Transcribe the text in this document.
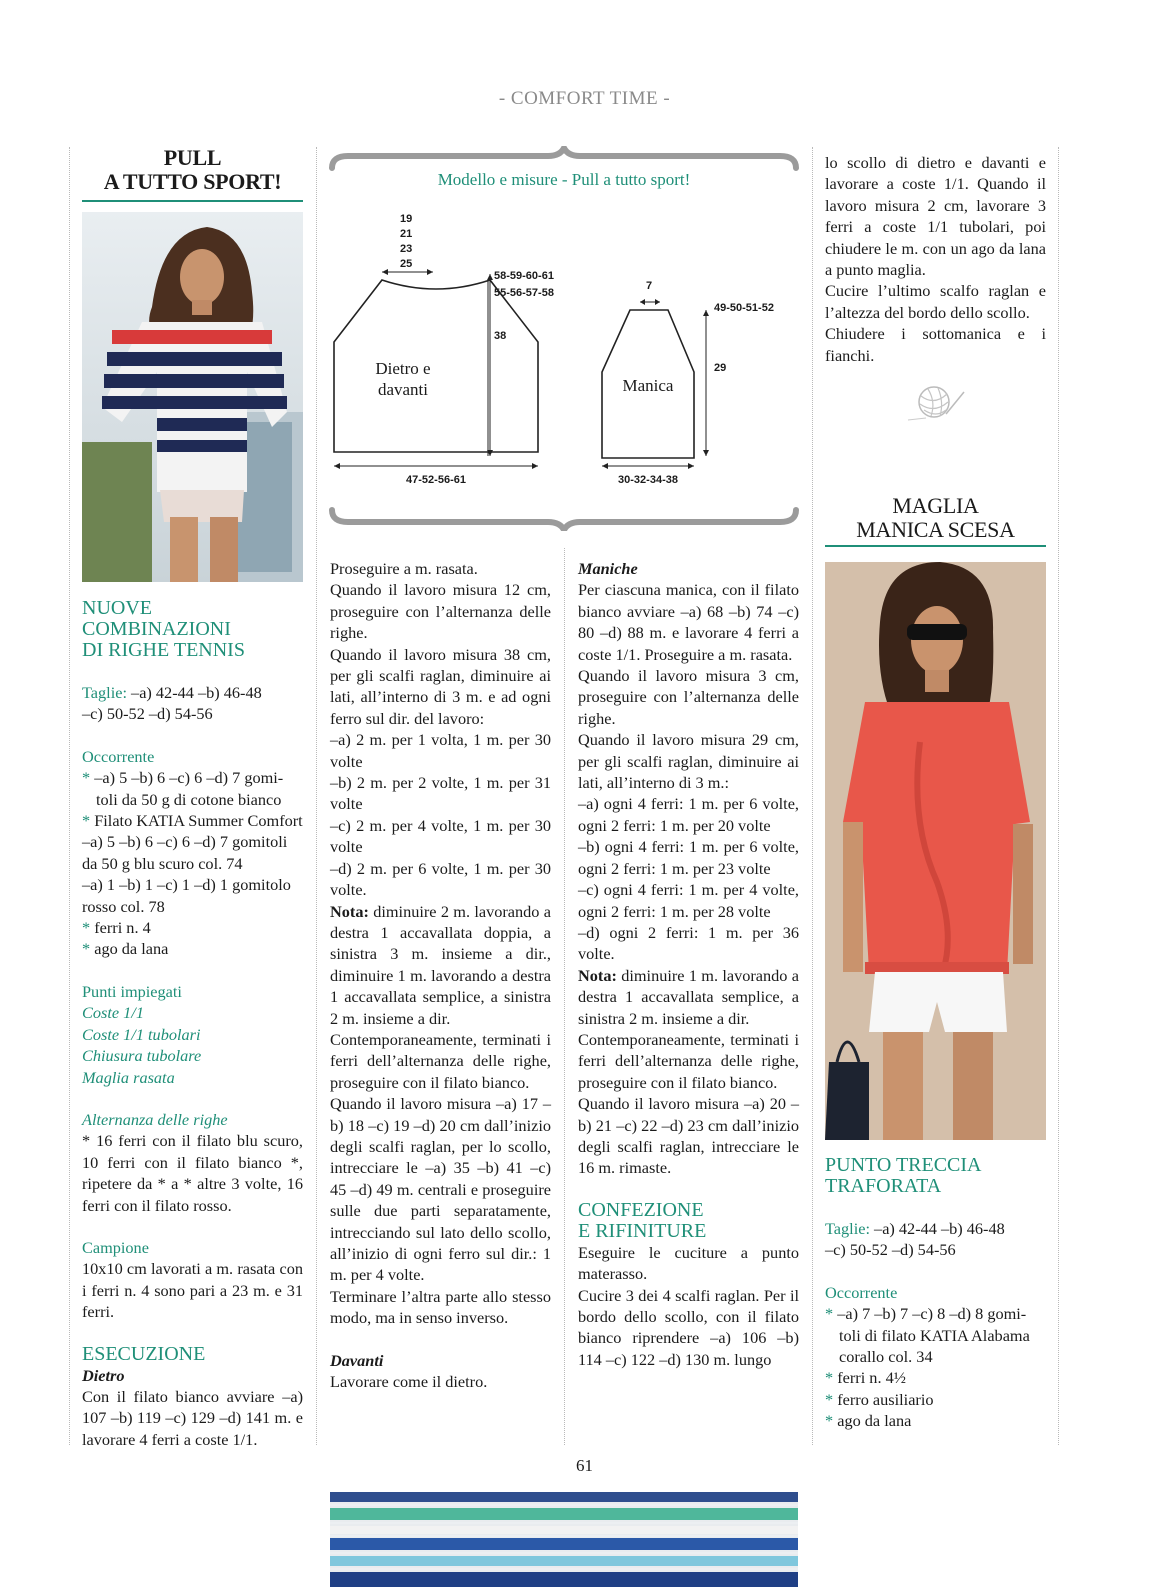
- COMFORT TIME -
PULL
A TUTTO SPORT!

NUOVE COMBINAZIONI
DI RIGHE TENNIS

Taglie: –a) 42-44 –b) 46-48

–c) 50-52 –d) 54-56

Occorrente

* –a) 5 –b) 6 –c) 6 –d) 7 gomi-

toli da 50 g di cotone bianco

* Filato KATIA Summer Comfort

–a) 5 –b) 6 –c) 6 –d) 7 gomitoli

da 50 g blu scuro col. 74

–a) 1 –b) 1 –c) 1 –d) 1 gomitolo

rosso col. 78

* ferri n. 4

* ago da lana

Punti impiegati

Coste 1/1

Coste 1/1 tubolari

Chiusura tubolare

Maglia rasata

Alternanza delle righe

* 16 ferri con il filato blu scuro, 10 ferri con il filato bianco *, ripetere da * a * altre 3 volte, 16 ferri con il filato rosso.

Campione

10x10 cm lavorati a m. rasata con i ferri n. 4 sono pari a 23 m. e 31 ferri.

ESECUZIONE

Dietro

Con il filato bianco avviare –a) 107 –b) 119 –c) 129 –d) 141 m. e lavorare 4 ferri a coste 1/1.

Modello e misure - Pull a tutto sport!
19
21
23
25
58-59-60-61
55-56-57-58
38
Dietro e
davanti
47-52-56-61
7
49-50-51-52
29
Manica
30-32-34-38

Proseguire a m. rasata.

Quando il lavoro misura 12 cm, proseguire con l’alternanza delle righe.

Quando il lavoro misura 38 cm, per gli scalfi raglan, diminuire ai lati, all’interno di 3 m. e ad ogni ferro sul dir. del lavoro:

–a) 2 m. per 1 volta, 1 m. per 30 volte

–b) 2 m. per 2 volte, 1 m. per 31 volte

–c) 2 m. per 4 volte, 1 m. per 30 volte

–d) 2 m. per 6 volte, 1 m. per 30 volte.

Nota: diminuire 2 m. lavorando a destra 1 accavallata doppia, a sinistra 3 m. insieme a dir., diminuire 1 m. lavorando a destra 1 accavallata semplice, a sinistra 2 m. insieme a dir.

Contemporaneamente, terminati i ferri dell’alternanza delle righe, proseguire con il filato bianco.

Quando il lavoro misura –a) 17 –b) 18 –c) 19 –d) 20 cm dall’inizio degli scalfi raglan, per lo scollo, intrecciare le –a) 35 –b) 41 –c) 45 –d) 49 m. centrali e proseguire sulle due parti separatamente, intrecciando sul lato dello scollo, all’inizio di ogni ferro sul dir.: 1 m. per 4 volte.

Terminare l’altra parte allo stesso modo, ma in senso inverso.

Davanti

Lavorare come il dietro.

Maniche

Per ciascuna manica, con il filato bianco avviare –a) 68 –b) 74 –c) 80 –d) 88 m. e lavorare 4 ferri a coste 1/1. Proseguire a m. rasata.

Quando il lavoro misura 3 cm, proseguire con l’alternanza delle righe.

Quando il lavoro misura 29 cm, per gli scalfi raglan, diminuire ai lati, all’interno di 3 m.:

–a) ogni 4 ferri: 1 m. per 6 volte, ogni 2 ferri: 1 m. per 20 volte

–b) ogni 4 ferri: 1 m. per 6 volte, ogni 2 ferri: 1 m. per 23 volte

–c) ogni 4 ferri: 1 m. per 4 volte, ogni 2 ferri: 1 m. per 28 volte

–d) ogni 2 ferri: 1 m. per 36 volte.

Nota: diminuire 1 m. lavorando a destra 1 accavallata semplice, a sinistra 2 m. insieme a dir.

Contemporaneamente, terminati i ferri dell’alternanza delle righe, proseguire con il filato bianco.

Quando il lavoro misura –a) 20 –b) 21 –c) 22 –d) 23 cm dall’inizio degli scalfi raglan, intrecciare le 16 m. rimaste.

CONFEZIONE
E RIFINITURE

Eseguire le cuciture a punto materasso.

Cucire 3 dei 4 scalfi raglan. Per il bordo dello scollo, con il filato bianco riprendere –a) 106 –b) 114 –c) 122 –d) 130 m. lungo

lo scollo di dietro e davanti e lavorare a coste 1/1. Quando il lavoro misura 2 cm, lavorare 3 ferri a coste 1/1 tubolari, poi chiudere le m. con un ago da lana a punto maglia.

Cucire l’ultimo scalfo raglan e l’altezza del bordo dello scollo.

Chiudere i sottomanica e i fianchi.

MAGLIA
MANICA SCESA

PUNTO TRECCIA
TRAFORATA

Taglie: –a) 42-44 –b) 46-48

–c) 50-52 –d) 54-56

Occorrente

* –a) 7 –b) 7 –c) 8 –d) 8 gomi-

toli di filato KATIA Alabama

corallo col. 34

* ferri n. 4½

* ferro ausiliario

* ago da lana

61
